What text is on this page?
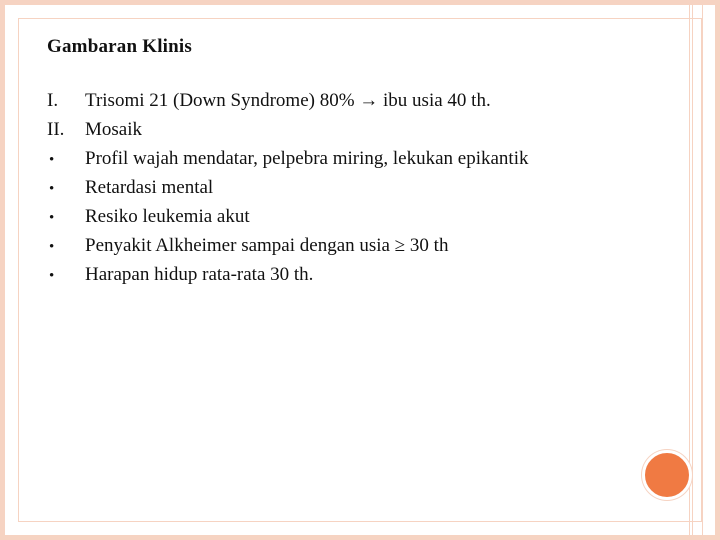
Gambaran Klinis
I.	Trisomi 21 (Down Syndrome) 80% → ibu usia 40 th.
II.	Mosaik
•	Profil wajah mendatar, pelpebra miring, lekukan epikantik
•	Retardasi mental
•	Resiko leukemia akut
•	Penyakit Alkheimer sampai dengan usia ≥ 30 th
•	Harapan hidup rata-rata 30 th.
